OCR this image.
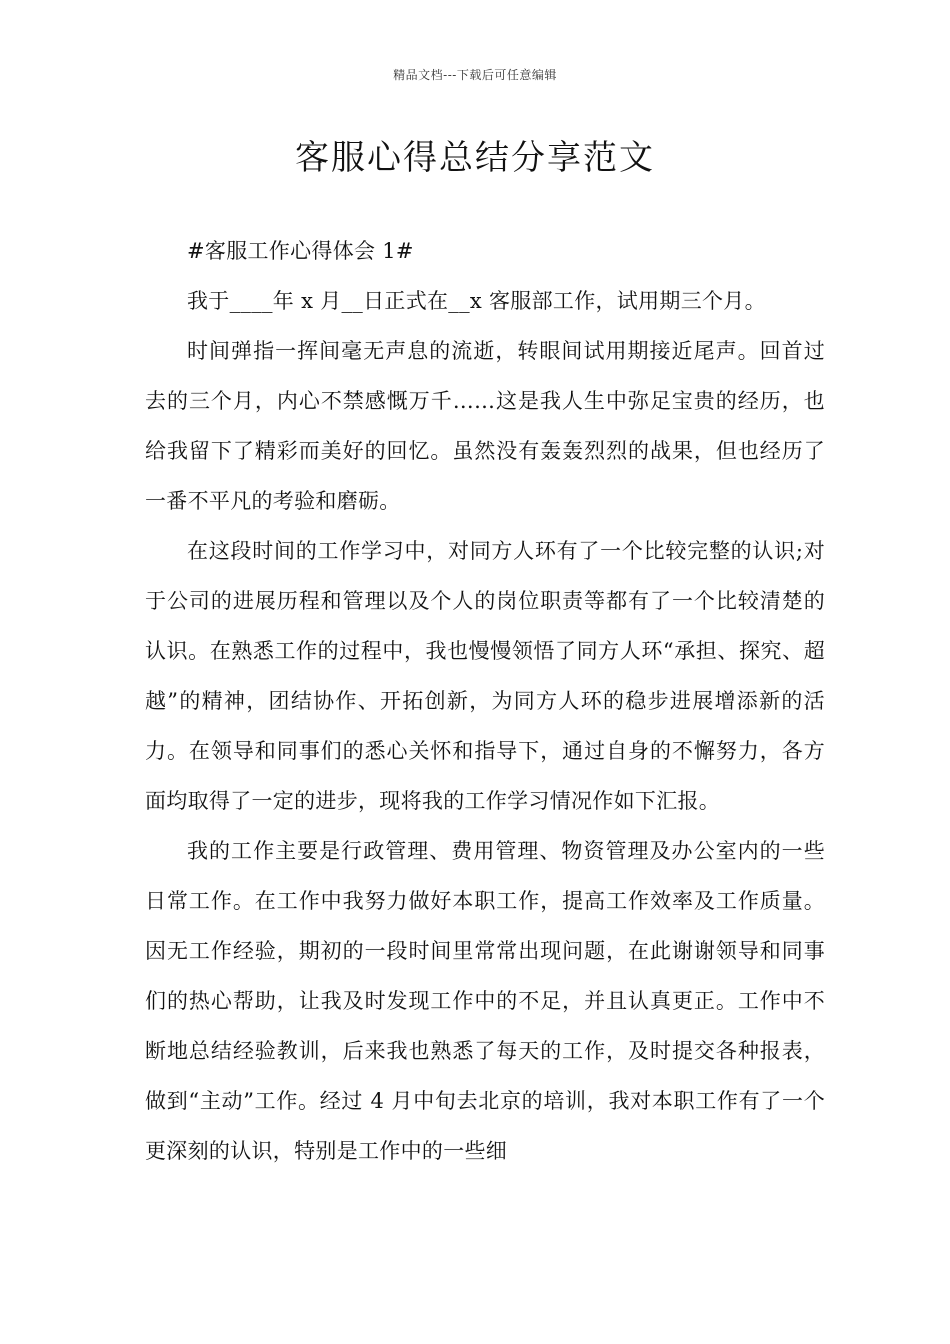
精品文档---下载后可任意编辑
客服心得总结分享范文

#客服工作心得体会 1#

我于____年 x 月__日正式在__x 客服部工作，试用期三个月。

时间弹指一挥间毫无声息的流逝，转眼间试用期接近尾声。回首过去的三个月，内心不禁感慨万千……这是我人生中弥足宝贵的经历，也给我留下了精彩而美好的回忆。虽然没有轰轰烈烈的战果，但也经历了一番不平凡的考验和磨砺。

在这段时间的工作学习中，对同方人环有了一个比较完整的认识;对于公司的进展历程和管理以及个人的岗位职责等都有了一个比较清楚的认识。在熟悉工作的过程中，我也慢慢领悟了同方人环“承担、探究、超越”的精神，团结协作、开拓创新，为同方人环的稳步进展增添新的活力。在领导和同事们的悉心关怀和指导下，通过自身的不懈努力，各方面均取得了一定的进步，现将我的工作学习情况作如下汇报。

我的工作主要是行政管理、费用管理、物资管理及办公室内的一些日常工作。在工作中我努力做好本职工作，提高工作效率及工作质量。因无工作经验，期初的一段时间里常常出现问题，在此谢谢领导和同事们的热心帮助，让我及时发现工作中的不足，并且认真更正。工作中不断地总结经验教训，后来我也熟悉了每天的工作，及时提交各种报表，做到“主动”工作。经过 4 月中旬去北京的培训，我对本职工作有了一个更深刻的认识，特别是工作中的一些细
